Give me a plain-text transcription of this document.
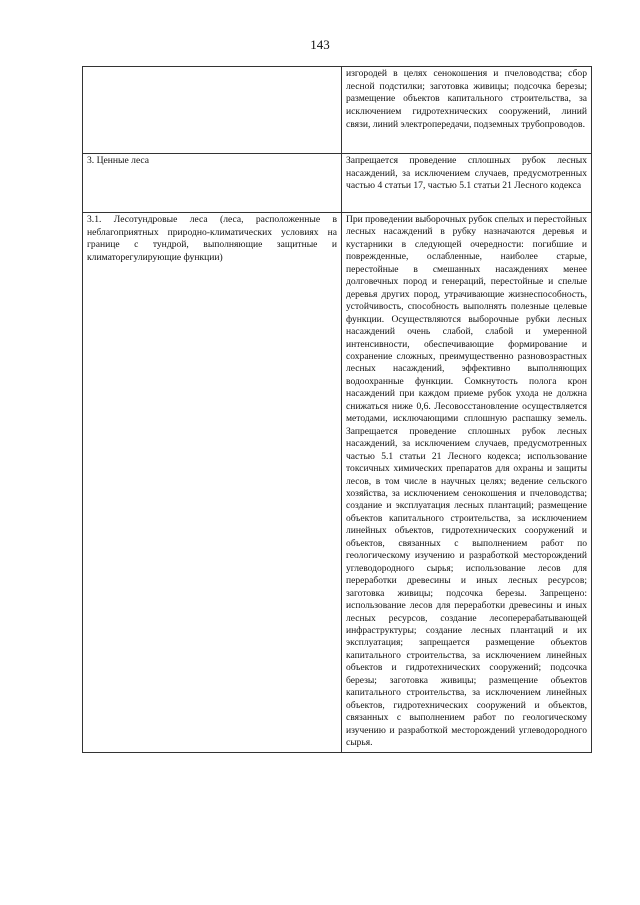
143
	изгородей в целях сенокошения и пчеловодства; сбор лесной подстилки; заготовка живицы; подсочка березы; размещение объектов капитального строительства, за исключением гидротехнических сооружений, линий связи, линий электропередачи, подземных трубопроводов.
3. Ценные леса	Запрещается проведение сплошных рубок лесных насаждений, за исключением случаев, предусмотренных частью 4 статьи 17, частью 5.1 статьи 21 Лесного кодекса
3.1. Лесотундровые леса (леса, расположенные в неблагоприятных природно-климатических условиях на границе с тундрой, выполняющие защитные и климаторегулирующие функции)	При проведении выборочных рубок спелых и перестойных лесных насаждений в рубку назначаются деревья и кустарники в следующей очередности: погибшие и поврежденные, ослабленные, наиболее старые, перестойные в смешанных насаждениях менее долговечных пород и генераций, перестойные и спелые деревья других пород, утрачивающие жизнеспособность, устойчивость, способность выполнять полезные целевые функции. Осуществляются выборочные рубки лесных насаждений очень слабой, слабой и умеренной интенсивности, обеспечивающие формирование и сохранение сложных, преимущественно разновозрастных лесных насаждений, эффективно выполняющих водоохранные функции. Сомкнутость полога крон насаждений при каждом приеме рубок ухода не должна снижаться ниже 0,6. Лесовосстановление осуществляется методами, исключающими сплошную распашку земель. Запрещается проведение сплошных рубок лесных насаждений, за исключением случаев, предусмотренных частью 5.1 статьи 21 Лесного кодекса; использование токсичных химических препаратов для охраны и защиты лесов, в том числе в научных целях; ведение сельского хозяйства, за исключением сенокошения и пчеловодства; создание и эксплуатация лесных плантаций; размещение объектов капитального строительства, за исключением линейных объектов, гидротехнических сооружений и объектов, связанных с выполнением работ по геологическому изучению и разработкой месторождений углеводородного сырья; использование лесов для переработки древесины и иных лесных ресурсов; заготовка живицы; подсочка березы. Запрещено: использование лесов для переработки древесины и иных лесных ресурсов, создание лесоперерабатывающей инфраструктуры; создание лесных плантаций и их эксплуатация; запрещается размещение объектов капитального строительства, за исключением линейных объектов и гидротехнических сооружений; подсочка березы; заготовка живицы; размещение объектов капитального строительства, за исключением линейных объектов, гидротехнических сооружений и объектов, связанных с выполнением работ по геологическому изучению и разработкой месторождений углеводородного сырья.
